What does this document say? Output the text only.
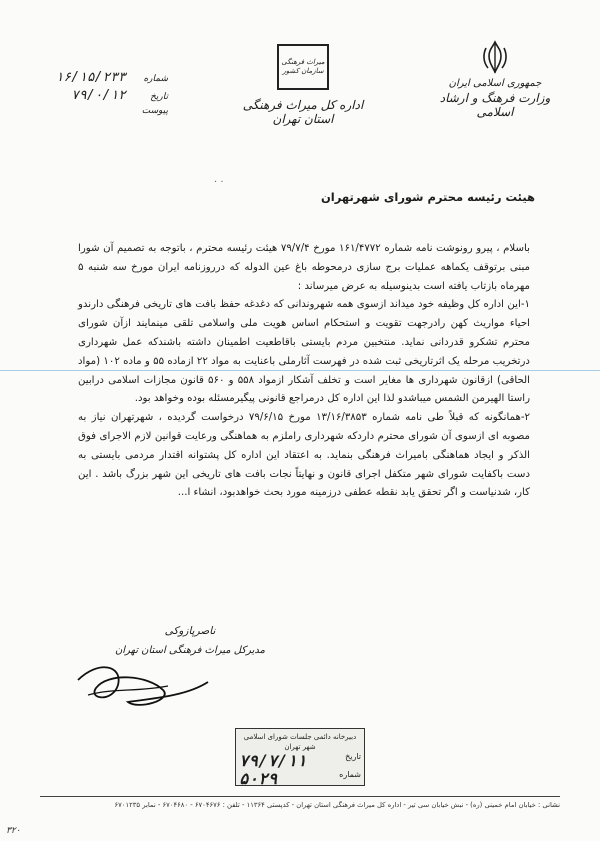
جمهوری اسلامی ایران
وزارت فرهنگ و ارشاد اسلامی
میراث فرهنگی سازمان کشور
اداره کل میراث فرهنگی استان تهران
شماره
۱۶/۱۵/۲۳۳
تاریخ
۷۹/۰/۱۲
پیوست
. .
هیئت رئیسه محترم شورای شهرتهران

باسلام ، پیرو رونوشت نامه شماره ۱۶۱/۴۷۷۲ مورخ ۷۹/۷/۴ هیئت رئیسه محترم ، باتوجه به تصمیم آن شورا مبنی برتوقف یکماهه عملیات برج سازی درمحوطه باغ عین الدوله که درروزنامه ایران مورخ سه شنبه ۵ مهرماه بازتاب یافته است بدینوسیله به عرض میرساند :

۱-این اداره کل وظیفه خود میداند ازسوی همه شهروندانی که دغدغه حفظ بافت های تاریخی فرهنگی دارندو احیاء مواریث کهن رادرجهت تقویت و استحکام اساس هویت ملی واسلامی تلقی مینمایند ازآن شورای محترم تشکرو قدردانی نماید. منتخبین مردم بایستی باقاطعیت اطمینان داشته باشندکه عمل شهرداری درتخریب مرحله یک اثرتاریخی ثبت شده در فهرست آثارملی باعنایت به مواد ۲۲ ازماده ۵۵ و ماده ۱۰۲ (مواد الحاقی) ازقانون شهرداری ها مغایر است و تخلف آشکار ازمواد ۵۵۸ و ۵۶۰ قانون مجازات اسلامی درابین راستا الهیرمن الشمس میباشدو لذا این اداره کل درمراجع قانونی پیگیرمسئله بوده وخواهد بود.

۲-همانگونه که قبلاً طی نامه شماره ۱۳/۱۶/۳۸۵۳ مورخ ۷۹/۶/۱۵ درخواست گردیده ، شهرتهران نیاز به مصوبه ای ازسوی آن شورای محترم داردکه شهرداری راملزم به هماهنگی ورعایت قوانین لازم الاجرای فوق الذکر و ایجاد هماهنگی بامیراث فرهنگی بنماید. به اعتقاد این اداره کل پشتوانه اقتدار مردمی بایستی به دست باکفایت شورای شهر متکفل اجرای قانون و نهایتاً نجات بافت های تاریخی این شهر بزرگ باشد . این کار، شدنیاست و اگر تحقق یابد نقطه عطفی درزمینه مورد بحث خواهدبود، انشاء ا...

ناصرپازوکی
مدیرکل میراث فرهنگی استان تهران
دبیرخانه دائمی جلسات شورای اسلامی شهر تهران
تاریخ
۷۹/۷/۱۱
شماره
۵۰۲۹
نشانی : خیابان امام خمینی (ره) - نبش خیابان سی تیر - اداره کل میراث فرهنگی استان تهران - کدپستی ۱۱۳۶۴ - تلفن : ۶۷۰۴۶۷۶ - ۶۷۰۴۶۸۰ - نمابر ۶۷۰۱۲۳۵
۳۲۰
